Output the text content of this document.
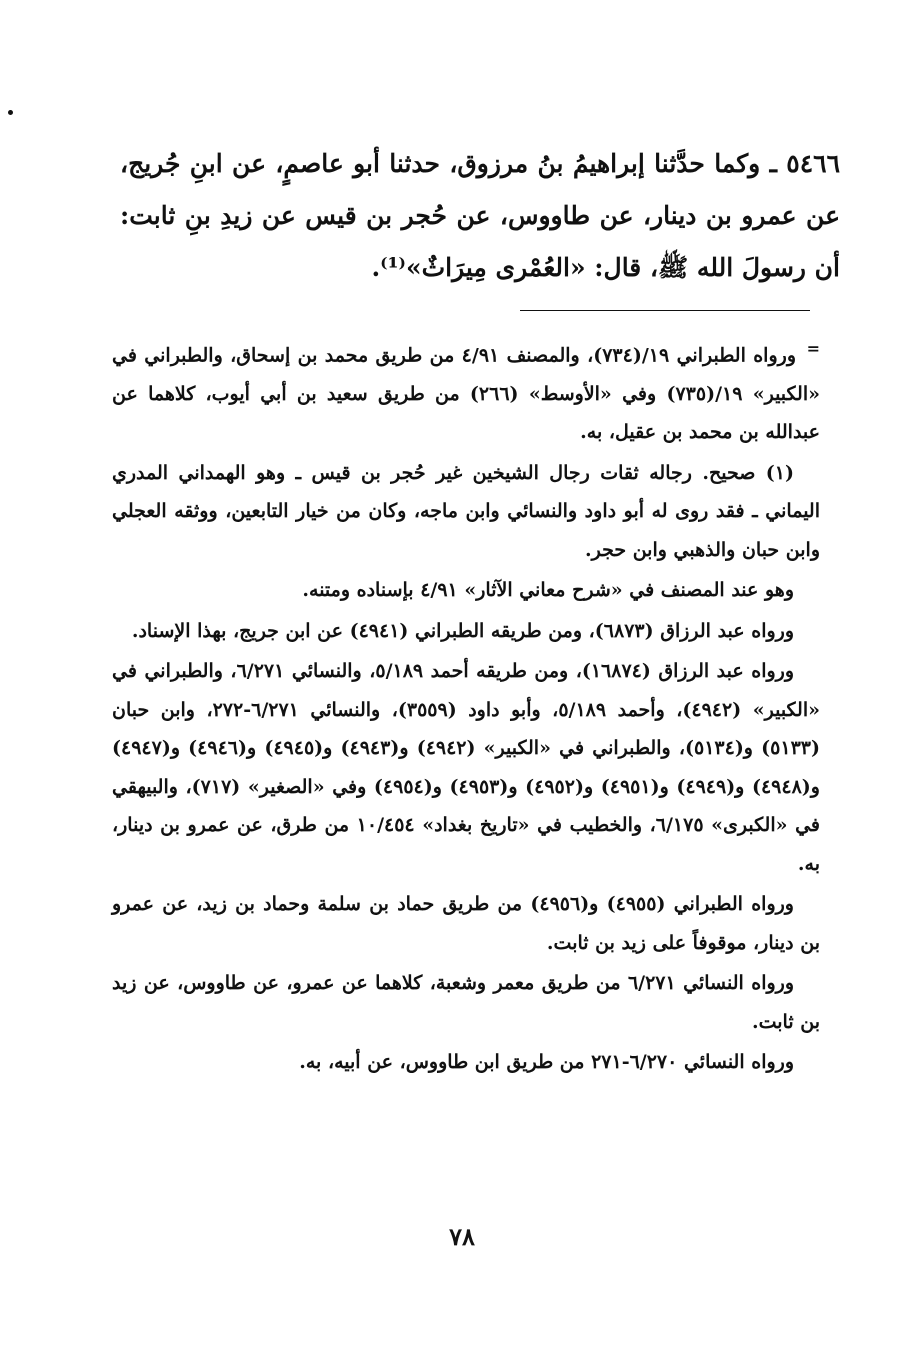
٥٤٦٦ ـ وكما حدَّثنا إبراهيمُ بنُ مرزوق، حدثنا أبو عاصمٍ، عن ابنِ جُريج، عن عمرو بن دينار، عن طاووس، عن حُجر بن قيس عن زيدِ بنِ ثابت: أن رسولَ الله ﷺ، قال: «العُمْرى مِيرَاثٌ»⁽¹⁾.

=ورواه الطبراني ١٩/(٧٣٤)، والمصنف ٤/٩١ من طريق محمد بن إسحاق، والطبراني في «الكبير» ١٩/(٧٣٥) وفي «الأوسط» (٢٦٦) من طريق سعيد بن أبي أيوب، كلاهما عن عبدالله بن محمد بن عقيل، به.

(١) صحيح. رجاله ثقات رجال الشيخين غير حُجر بن قيس ـ وهو الهمداني المدري اليماني ـ فقد روى له أبو داود والنسائي وابن ماجه، وكان من خيار التابعين، ووثقه العجلي وابن حبان والذهبي وابن حجر.

وهو عند المصنف في «شرح معاني الآثار» ٤/٩١ بإسناده ومتنه.

ورواه عبد الرزاق (٦٨٧٣)، ومن طريقه الطبراني (٤٩٤١) عن ابن جريج، بهذا الإسناد.

ورواه عبد الرزاق (١٦٨٧٤)، ومن طريقه أحمد ٥/١٨٩، والنسائي ٦/٢٧١، والطبراني في «الكبير» (٤٩٤٢)، وأحمد ٥/١٨٩، وأبو داود (٣٥٥٩)، والنسائي ٦/٢٧١-٢٧٢، وابن حبان (٥١٣٣) و(٥١٣٤)، والطبراني في «الكبير» (٤٩٤٢) و(٤٩٤٣) و(٤٩٤٥) و(٤٩٤٦) و(٤٩٤٧) و(٤٩٤٨) و(٤٩٤٩) و(٤٩٥١) و(٤٩٥٢) و(٤٩٥٣) و(٤٩٥٤) وفي «الصغير» (٧١٧)، والبيهقي في «الكبرى» ٦/١٧٥، والخطيب في «تاريخ بغداد» ١٠/٤٥٤ من طرق، عن عمرو بن دينار، به.

ورواه الطبراني (٤٩٥٥) و(٤٩٥٦) من طريق حماد بن سلمة وحماد بن زيد، عن عمرو بن دينار، موقوفاً على زيد بن ثابت.

ورواه النسائي ٦/٢٧١ من طريق معمر وشعبة، كلاهما عن عمرو، عن طاووس، عن زيد بن ثابت.

ورواه النسائي ٦/٢٧٠-٢٧١ من طريق ابن طاووس، عن أبيه، به.

٧٨
